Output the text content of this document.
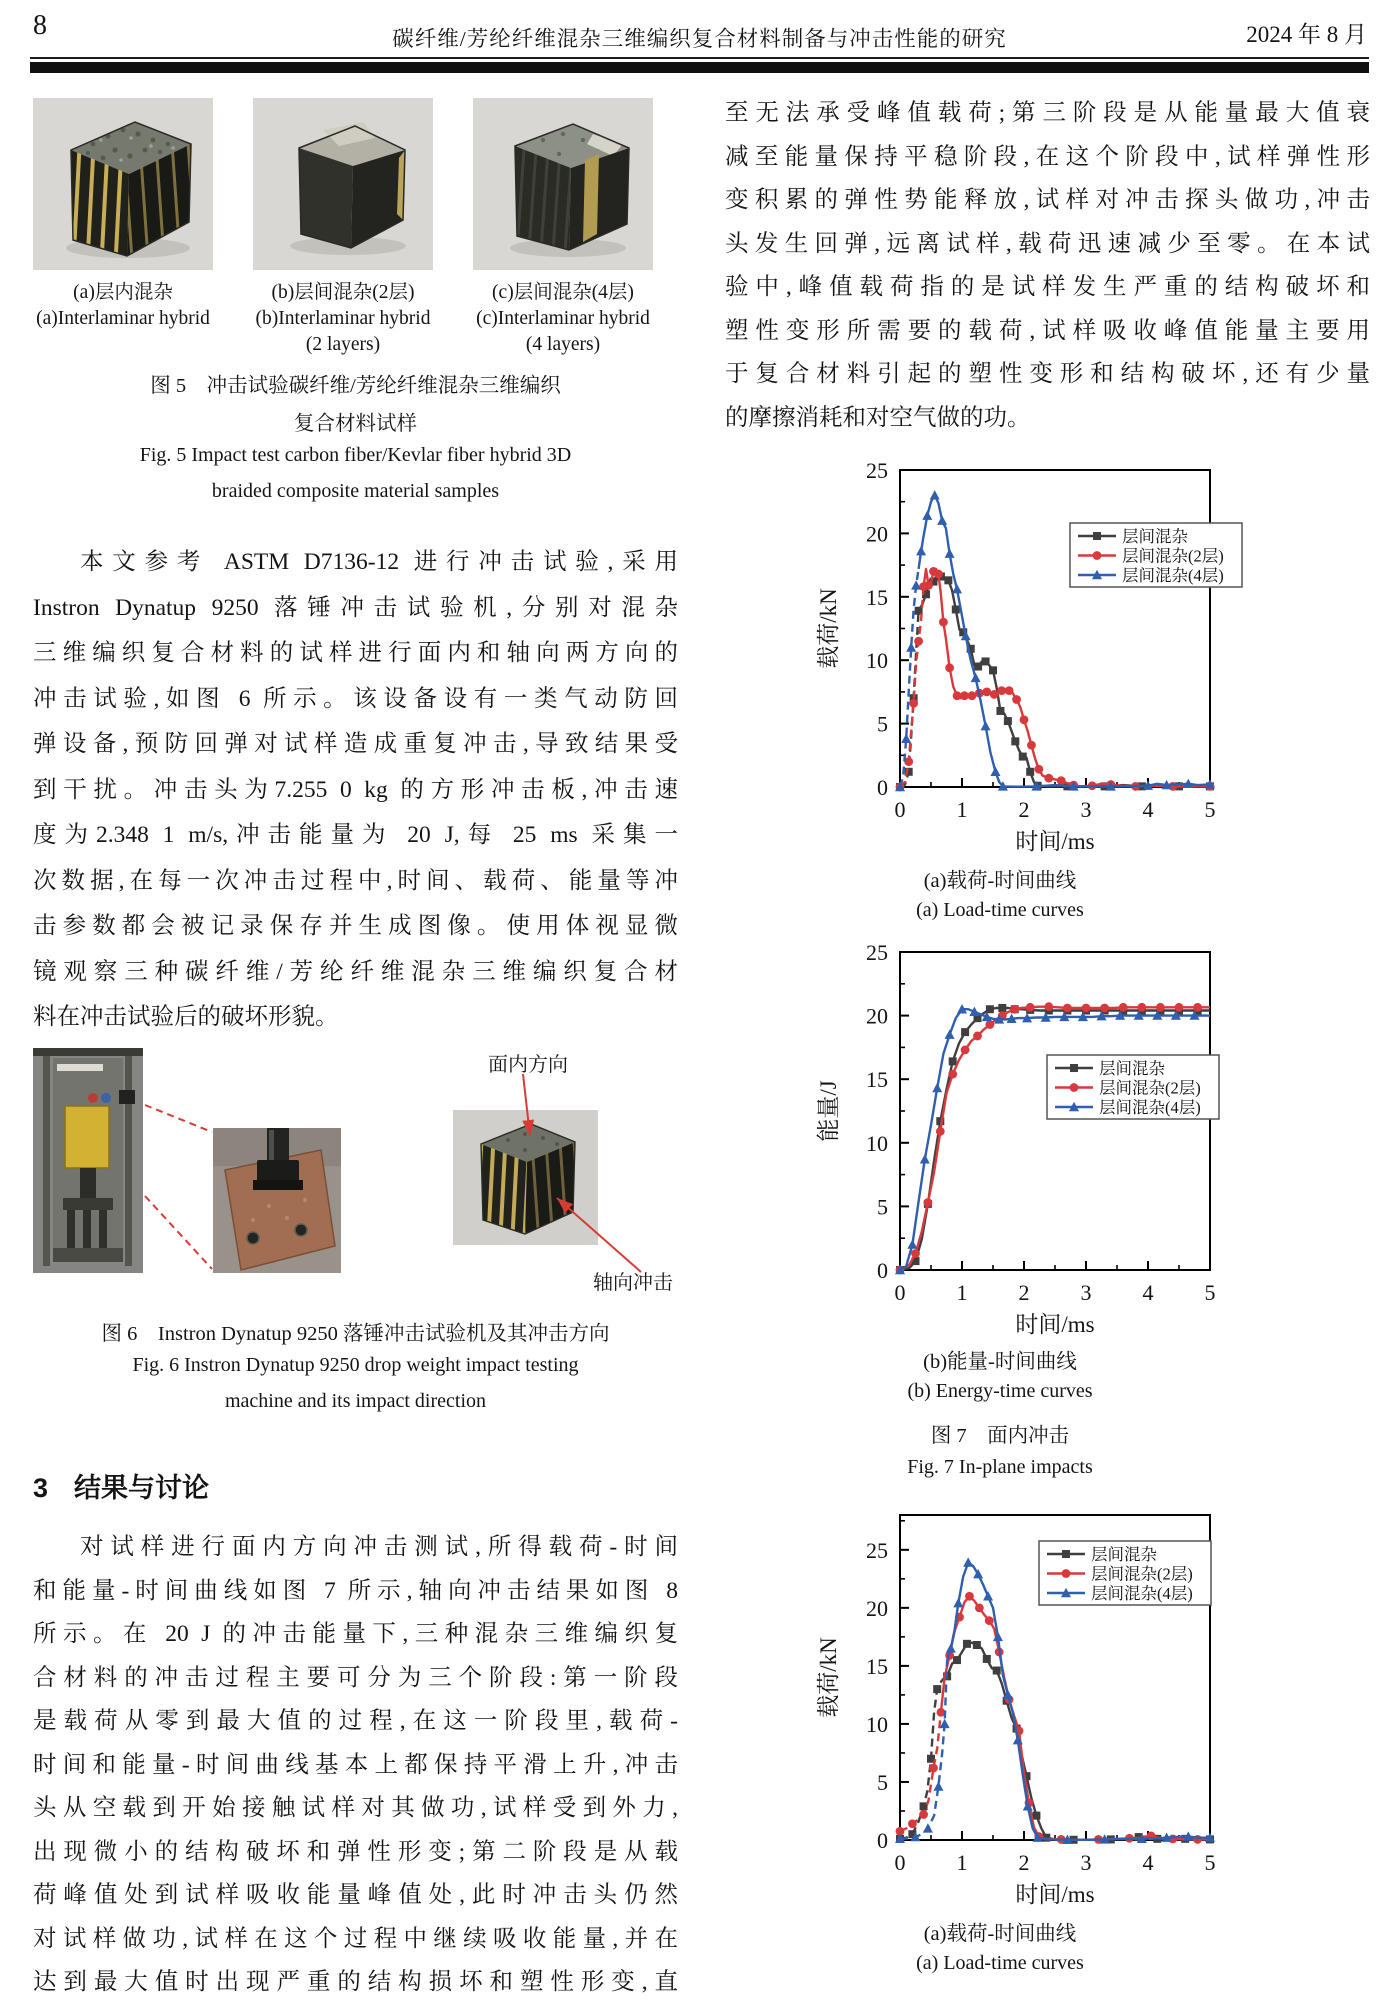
8	碳纤维/芳纶纤维混杂三维编织复合材料制备与冲击性能的研究	2024 年 8 月
(a)层内混杂
(a)Interlaminar hybrid
(b)层间混杂(2层)
(b)Interlaminar hybrid
(2 layers)
(c)层间混杂(4层)
(c)Interlaminar hybrid
(4 layers)
图 5　冲击试验碳纤维/芳纶纤维混杂三维编织
复合材料试样
Fig. 5 Impact test carbon fiber/Kevlar fiber hybrid 3D
braided composite material samples
本文参考 ASTM D7136-12 进行冲击试验,采用
Instron Dynatup 9250 落锤冲击试验机,分别对混杂
三维编织复合材料的试样进行面内和轴向两方向的
冲击试验,如图 6 所示。该设备设有一类气动防回
弹设备,预防回弹对试样造成重复冲击,导致结果受
到干扰。冲击头为7.255 0 kg 的方形冲击板,冲击速
度为2.348 1 m/s,冲击能量为 20 J,每 25 ms 采集一
次数据,在每一次冲击过程中,时间、载荷、能量等冲
击参数都会被记录保存并生成图像。使用体视显微
镜观察三种碳纤维/芳纶纤维混杂三维编织复合材
料在冲击试验后的破坏形貌。
面内方向
轴向冲击
图 6　Instron Dynatup 9250 落锤冲击试验机及其冲击方向
Fig. 6 Instron Dynatup 9250 drop weight impact testing
machine and its impact direction
3 结果与讨论
对试样进行面内方向冲击测试,所得载荷-时间
和能量-时间曲线如图 7 所示,轴向冲击结果如图 8
所示。在 20 J 的冲击能量下,三种混杂三维编织复
合材料的冲击过程主要可分为三个阶段:第一阶段
是载荷从零到最大值的过程,在这一阶段里,载荷-
时间和能量-时间曲线基本上都保持平滑上升,冲击
头从空载到开始接触试样对其做功,试样受到外力,
出现微小的结构破坏和弹性形变;第二阶段是从载
荷峰值处到试样吸收能量峰值处,此时冲击头仍然
对试样做功,试样在这个过程中继续吸收能量,并在
达到最大值时出现严重的结构损坏和塑性形变,直
至无法承受峰值载荷;第三阶段是从能量最大值衰
减至能量保持平稳阶段,在这个阶段中,试样弹性形
变积累的弹性势能释放,试样对冲击探头做功,冲击
头发生回弹,远离试样,载荷迅速减少至零。在本试
验中,峰值载荷指的是试样发生严重的结构破坏和
塑性变形所需要的载荷,试样吸收峰值能量主要用
于复合材料引起的塑性变形和结构破坏,还有少量
的摩擦消耗和对空气做的功。
0 1 2 3 4 5
0
5
10
15
20
25
时间/ms
载荷/kN
层间混杂
层间混杂(2层)
层间混杂(4层)
(a)载荷-时间曲线
(a) Load-time curves
0 1 2 3 4 5
0
5
10
15
20
25
时间/ms
能量/J
层间混杂
层间混杂(2层)
层间混杂(4层)
(b)能量-时间曲线
(b) Energy-time curves
图 7　面内冲击
Fig. 7 In-plane impacts
0 1 2 3 4 5
0
5
10
15
20
25
时间/ms
载荷/kN
层间混杂
层间混杂(2层)
层间混杂(4层)
(a)载荷-时间曲线
(a) Load-time curves
